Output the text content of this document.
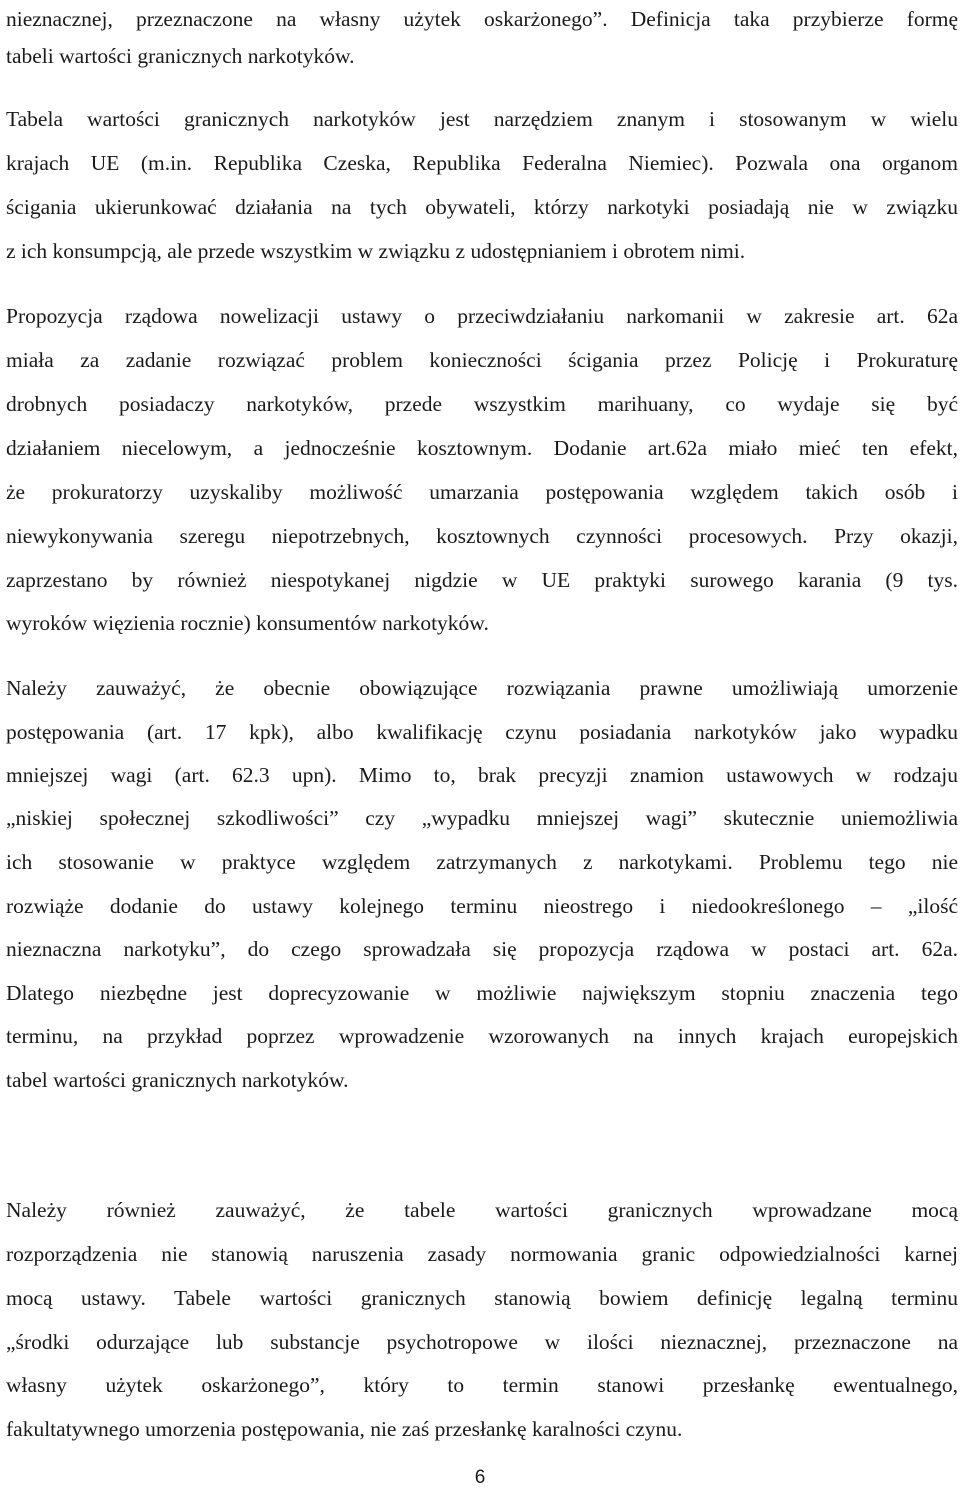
nieznacznej, przeznaczone na własny użytek oskarżonego”. Definicja taka przybierze formę
tabeli wartości granicznych narkotyków.
Tabela wartości granicznych narkotyków jest narzędziem znanym i stosowanym w wielu
krajach UE (m.in. Republika Czeska, Republika Federalna Niemiec). Pozwala ona organom
ścigania ukierunkować działania na tych obywateli, którzy narkotyki posiadają nie w związku
z ich konsumpcją, ale przede wszystkim w związku z udostępnianiem i obrotem nimi.
Propozycja rządowa nowelizacji ustawy o przeciwdziałaniu narkomanii w zakresie art. 62a
miała za zadanie rozwiązać problem konieczności ścigania przez Policję i Prokuraturę
drobnych posiadaczy narkotyków, przede wszystkim marihuany, co wydaje się być
działaniem niecelowym, a jednocześnie kosztownym. Dodanie art.62a miało mieć ten efekt,
że prokuratorzy uzyskaliby możliwość umarzania postępowania względem takich osób i
niewykonywania szeregu niepotrzebnych, kosztownych czynności procesowych. Przy okazji,
zaprzestano by również niespotykanej nigdzie w UE praktyki surowego karania (9 tys.
wyroków więzienia rocznie) konsumentów narkotyków.
Należy zauważyć, że obecnie obowiązujące rozwiązania prawne umożliwiają umorzenie
postępowania (art. 17 kpk), albo kwalifikację czynu posiadania narkotyków jako wypadku
mniejszej wagi (art. 62.3 upn). Mimo to, brak precyzji znamion ustawowych w rodzaju
„niskiej społecznej szkodliwości” czy „wypadku mniejszej wagi” skutecznie uniemożliwia
ich stosowanie w praktyce względem zatrzymanych z narkotykami. Problemu tego nie
rozwiąże dodanie do ustawy kolejnego terminu nieostrego i niedookreślonego – „ilość
nieznaczna narkotyku”, do czego sprowadzała się propozycja rządowa w postaci art. 62a.
Dlatego niezbędne jest doprecyzowanie w możliwie największym stopniu znaczenia tego
terminu, na przykład poprzez wprowadzenie wzorowanych na innych krajach europejskich
tabel wartości granicznych narkotyków.
Należy również zauważyć, że tabele wartości granicznych wprowadzane mocą
rozporządzenia nie stanowią naruszenia zasady normowania granic odpowiedzialności karnej
mocą ustawy. Tabele wartości granicznych stanowią bowiem definicję legalną terminu
„środki odurzające lub substancje psychotropowe w ilości nieznacznej, przeznaczone na
własny użytek oskarżonego”, który to termin stanowi przesłankę ewentualnego,
fakultatywnego umorzenia postępowania, nie zaś przesłankę karalności czynu.
6
